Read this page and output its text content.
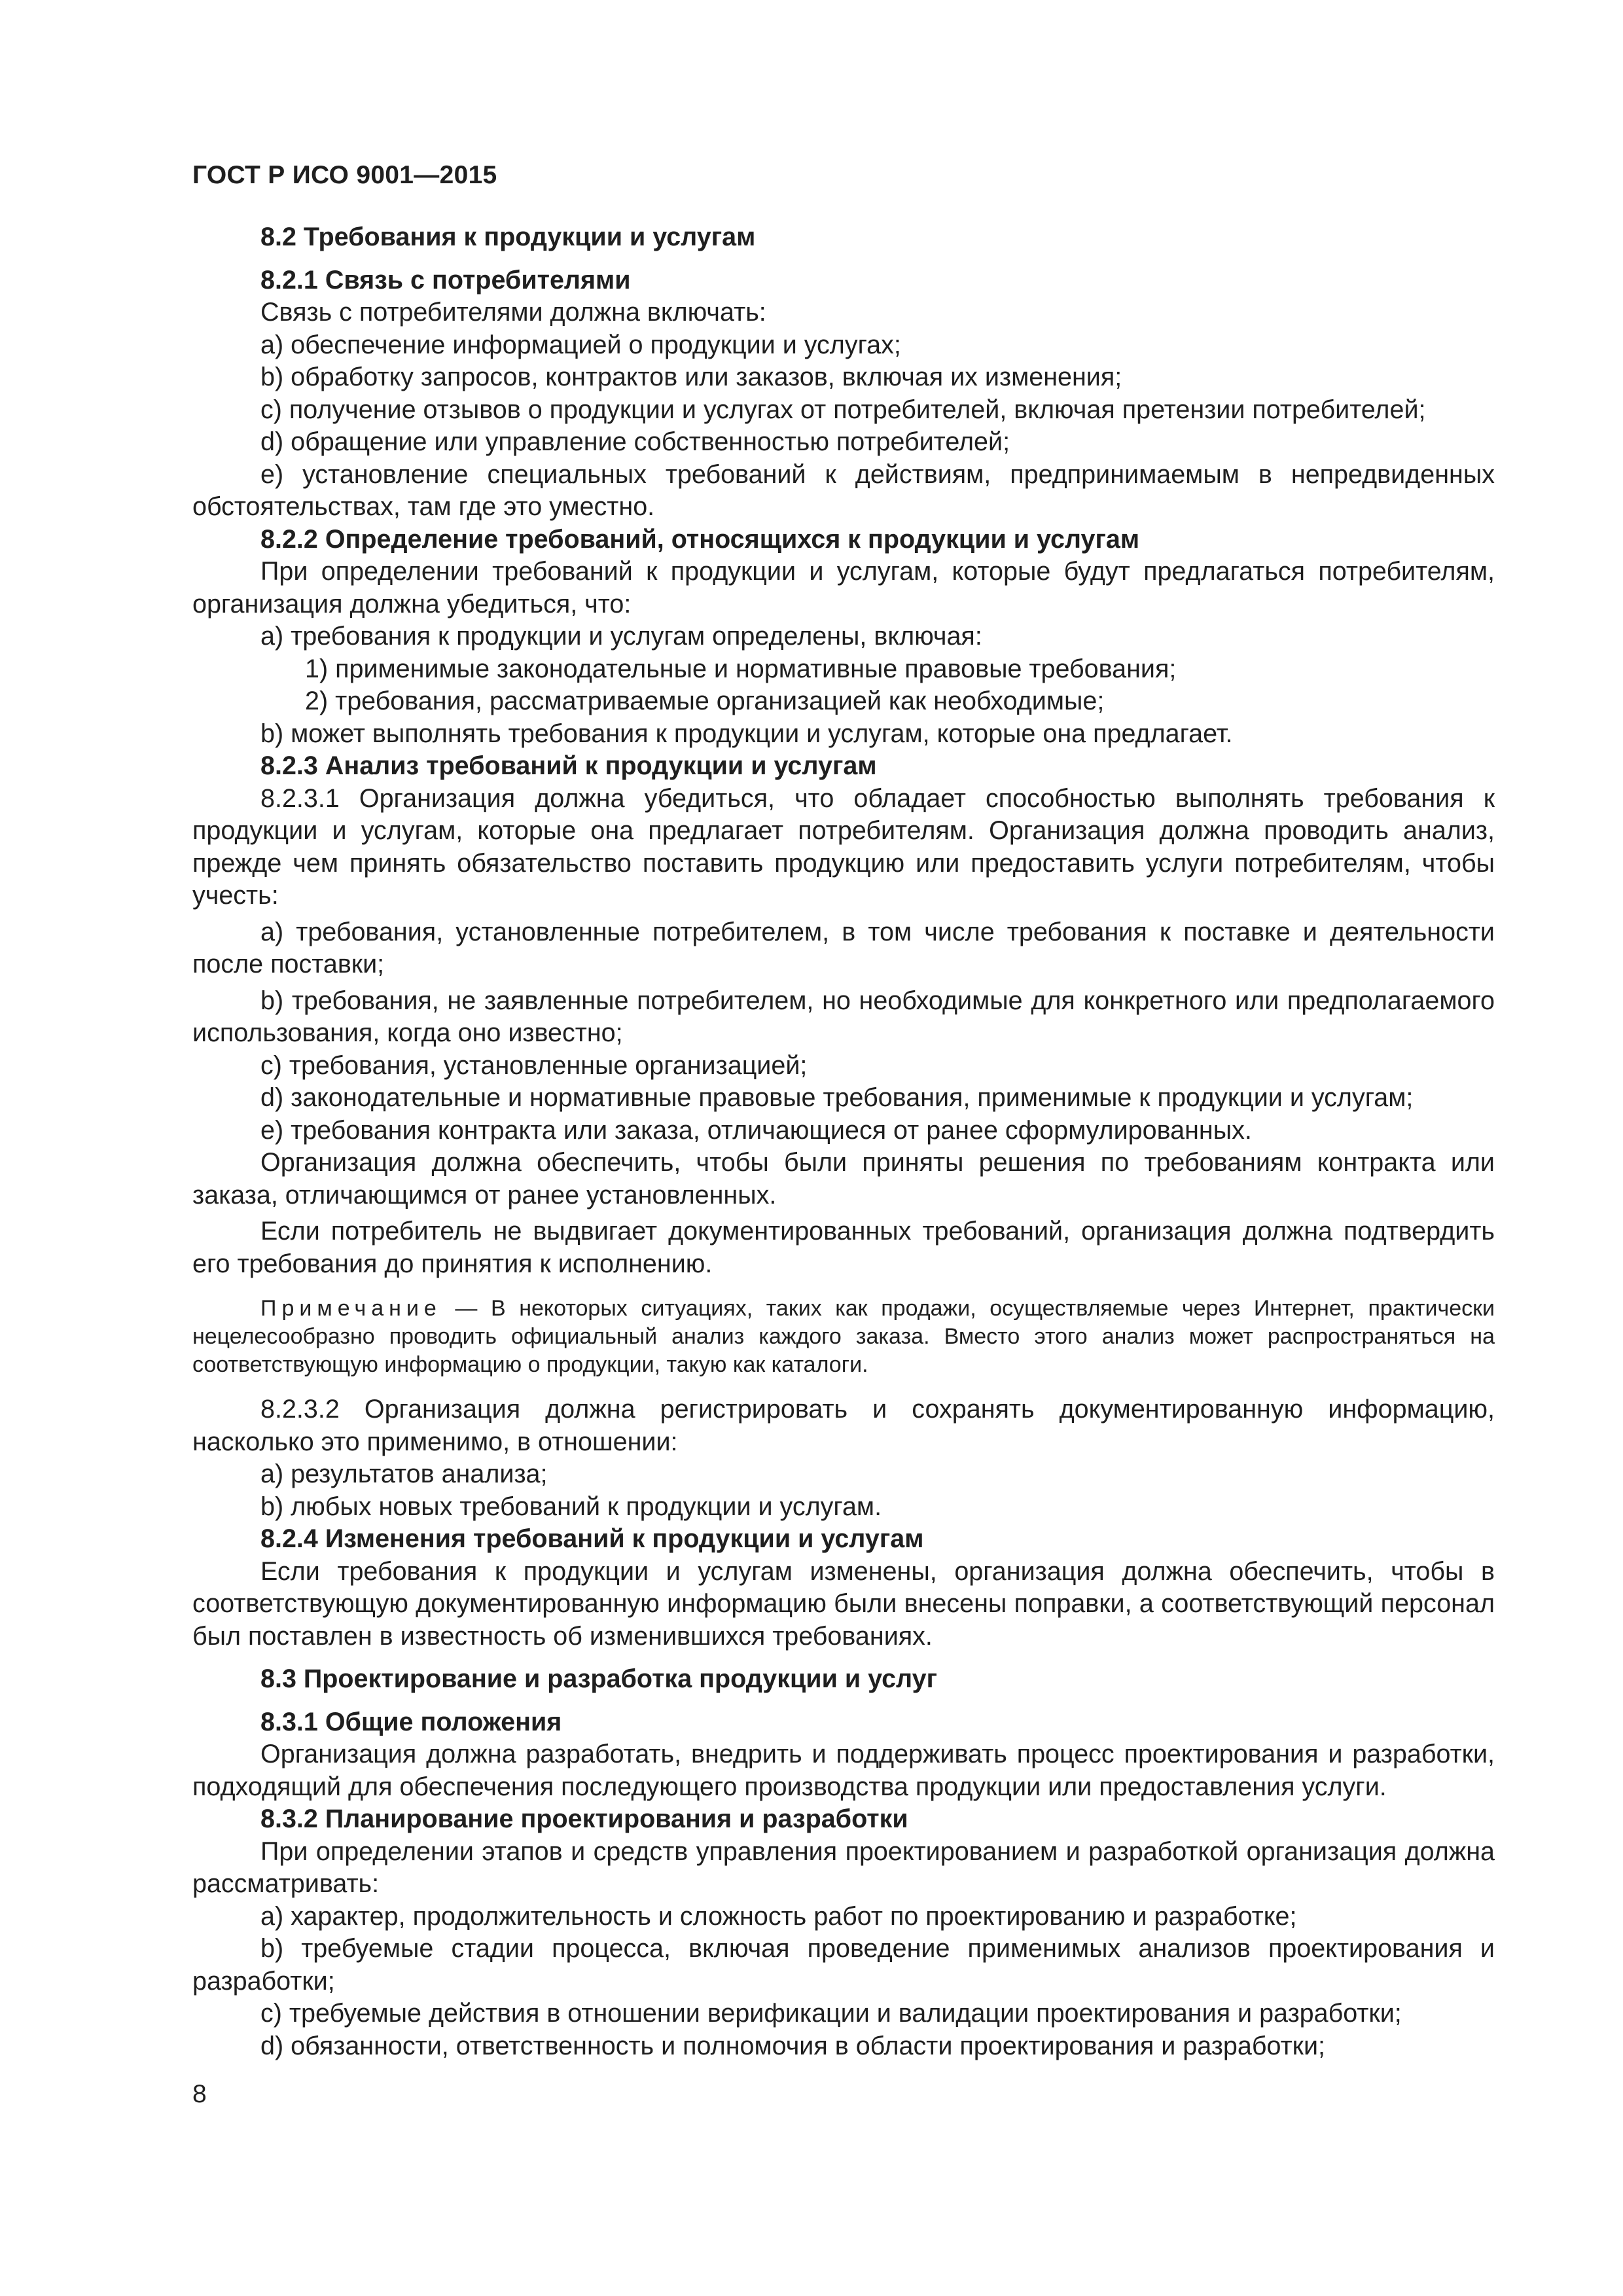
ГОСТ Р ИСО 9001—2015

8.2 Требования к продукции и услугам

8.2.1 Связь с потребителями

Связь с потребителями должна включать:

a) обеспечение информацией о продукции и услугах;

b) обработку запросов, контрактов или заказов, включая их изменения;

c) получение отзывов о продукции и услугах от потребителей, включая претензии потребителей;

d) обращение или управление собственностью потребителей;

e) установление специальных требований к действиям, предпринимаемым в непредвиденных обстоятельствах, там где это уместно.

8.2.2 Определение требований, относящихся к продукции и услугам

При определении требований к продукции и услугам, которые будут предлагаться потребителям, организация должна убедиться, что:

a) требования к продукции и услугам определены, включая:

1) применимые законодательные и нормативные правовые требования;

2) требования, рассматриваемые организацией как необходимые;

b) может выполнять требования к продукции и услугам, которые она предлагает.

8.2.3 Анализ требований к продукции и услугам

8.2.3.1 Организация должна убедиться, что обладает способностью выполнять требования к продукции и услугам, которые она предлагает потребителям. Организация должна проводить анализ, прежде чем принять обязательство поставить продукцию или предоставить услуги потребителям, чтобы учесть:

a) требования, установленные потребителем, в том числе требования к поставке и деятельности после поставки;

b) требования, не заявленные потребителем, но необходимые для конкретного или предполагаемого использования, когда оно известно;

c) требования, установленные организацией;

d) законодательные и нормативные правовые требования, применимые к продукции и услугам;

e) требования контракта или заказа, отличающиеся от ранее сформулированных.

Организация должна обеспечить, чтобы были приняты решения по требованиям контракта или заказа, отличающимся от ранее установленных.

Если потребитель не выдвигает документированных требований, организация должна подтвердить его требования до принятия к исполнению.

Примечание — В некоторых ситуациях, таких как продажи, осуществляемые через Интернет, практически нецелесообразно проводить официальный анализ каждого заказа. Вместо этого анализ может распространяться на соответствующую информацию о продукции, такую как каталоги.

8.2.3.2 Организация должна регистрировать и сохранять документированную информацию, насколько это применимо, в отношении:

a) результатов анализа;

b) любых новых требований к продукции и услугам.

8.2.4 Изменения требований к продукции и услугам

Если требования к продукции и услугам изменены, организация должна обеспечить, чтобы в соответствующую документированную информацию были внесены поправки, а соответствующий персонал был поставлен в известность об изменившихся требованиях.

8.3 Проектирование и разработка продукции и услуг

8.3.1 Общие положения

Организация должна разработать, внедрить и поддерживать процесс проектирования и разработки, подходящий для обеспечения последующего производства продукции или предоставления услуги.

8.3.2 Планирование проектирования и разработки

При определении этапов и средств управления проектированием и разработкой организация должна рассматривать:

a) характер, продолжительность и сложность работ по проектированию и разработке;

b) требуемые стадии процесса, включая проведение применимых анализов проектирования и разработки;

c) требуемые действия в отношении верификации и валидации проектирования и разработки;

d) обязанности, ответственность и полномочия в области проектирования и разработки;

8
